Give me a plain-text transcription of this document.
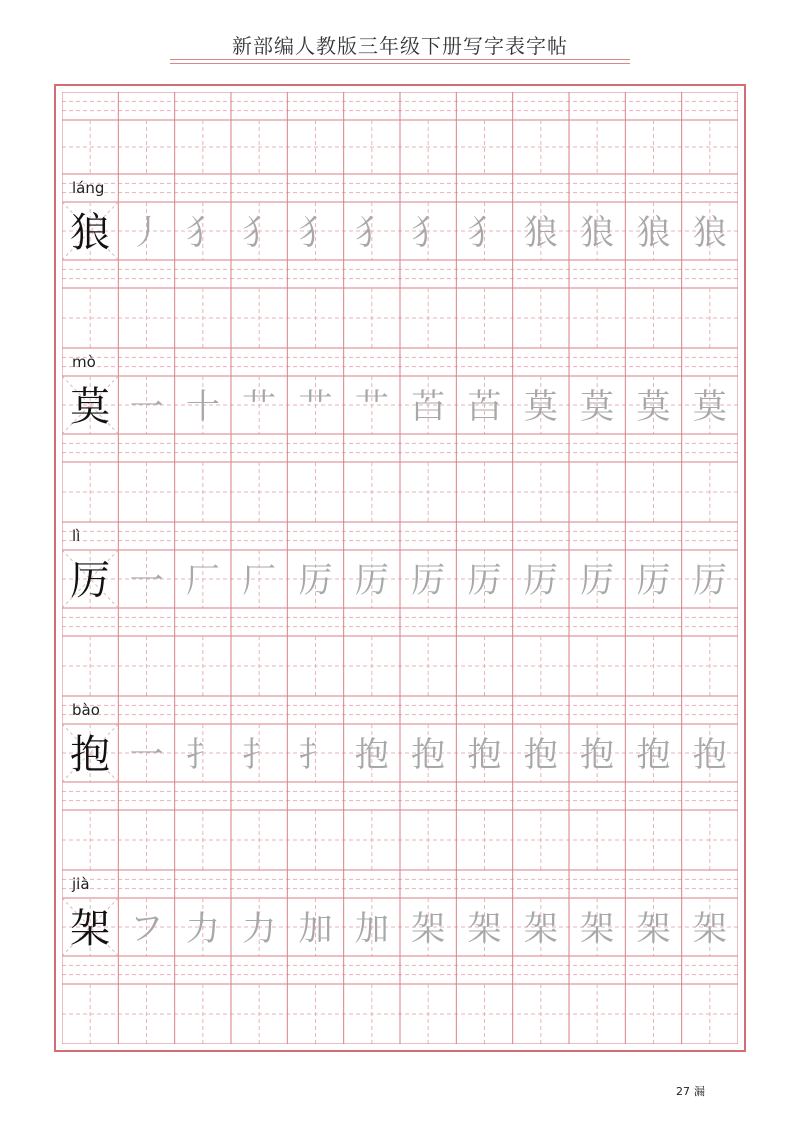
新部编人教版三年级下册写字表字帖
láng
狼 丿 犭 犭 犭 犭 犭 犭 狼 狼 狼 狼
mò
莫 一 十 艹 艹 艹 苩 苩 莫 莫 莫 莫
lì
厉 一 厂 厂 厉 厉 厉 厉 厉 厉 厉 厉
bào
抱 一 扌 扌 扌 抱 抱 抱 抱 抱 抱 抱
jià
架 フ 力 力 加 加 架 架 架 架 架 架
27 漏
